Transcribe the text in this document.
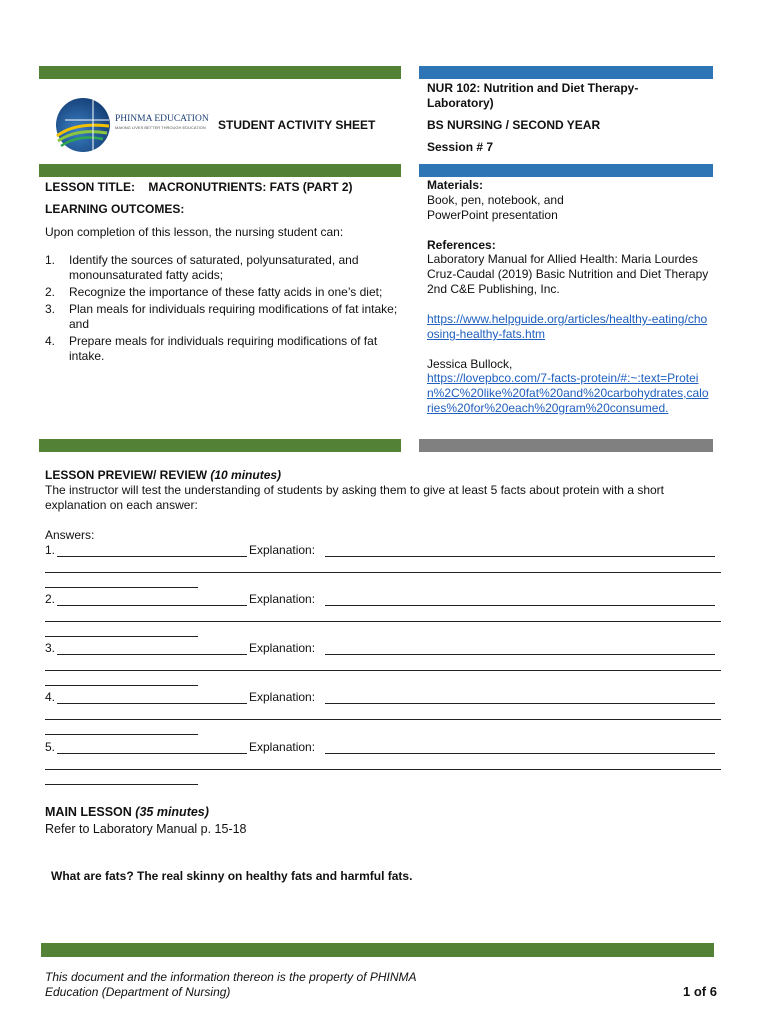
PHINMA EDUCATION
MAKING LIVES BETTER THROUGH EDUCATION	STUDENT ACTIVITY SHEET
NUR 102: Nutrition and Diet Therapy-Laboratory)
BS NURSING / SECOND YEAR
Session # 7
LESSON TITLE: MACRONUTRIENTS: FATS (PART 2)
LEARNING OUTCOMES:
Upon completion of this lesson, the nursing student can:
1. Identify the sources of saturated, polyunsaturated, and monounsaturated fatty acids;
2. Recognize the importance of these fatty acids in one’s diet;
3. Plan meals for individuals requiring modifications of fat intake; and
4. Prepare meals for individuals requiring modifications of fat intake.
Materials:
Book, pen, notebook, and PowerPoint presentation
References:
Laboratory Manual for Allied Health: Maria Lourdes Cruz-Caudal (2019) Basic Nutrition and Diet Therapy 2nd C&E Publishing, Inc.
https://www.helpguide.org/articles/healthy-eating/choosing-healthy-fats.htm
Jessica Bullock,
https://lovepbco.com/7-facts-protein/#:~:text=Protein%2C%20like%20fat%20and%20carbohydrates,calories%20for%20each%20gram%20consumed.
LESSON PREVIEW/ REVIEW (10 minutes)
The instructor will test the understanding of students by asking them to give at least 5 facts about protein with a short explanation on each answer:
Answers:
1.	Explanation:
2.	Explanation:
3.	Explanation:
4.	Explanation:
5.	Explanation:
MAIN LESSON (35 minutes)
Refer to Laboratory Manual p. 15-18
What are fats? The real skinny on healthy fats and harmful fats.
This document and the information thereon is the property of PHINMA Education (Department of Nursing)	1 of 6
